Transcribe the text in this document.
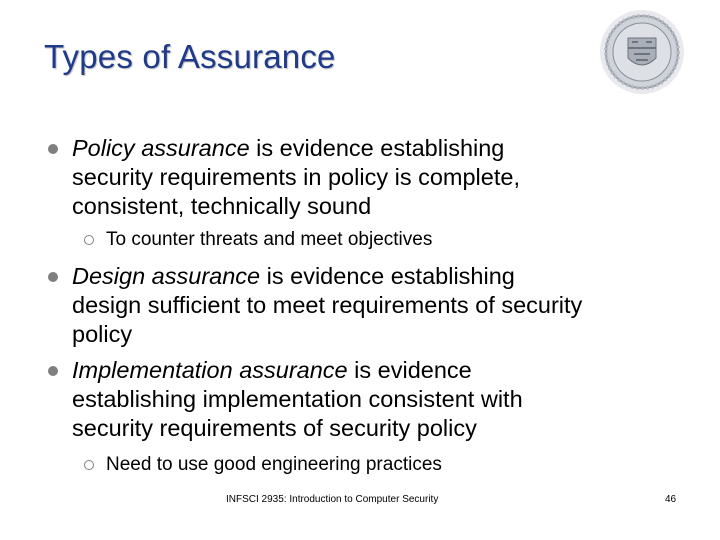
Types of Assurance
Policy assurance is evidence establishing
security requirements in policy is complete,
consistent, technically sound
To counter threats and meet objectives
Design assurance is evidence establishing
design sufficient to meet requirements of security
policy
Implementation assurance is evidence
establishing implementation consistent with
security requirements of security policy
Need to use good engineering practices
INFSCI 2935: Introduction to Computer Security	46
